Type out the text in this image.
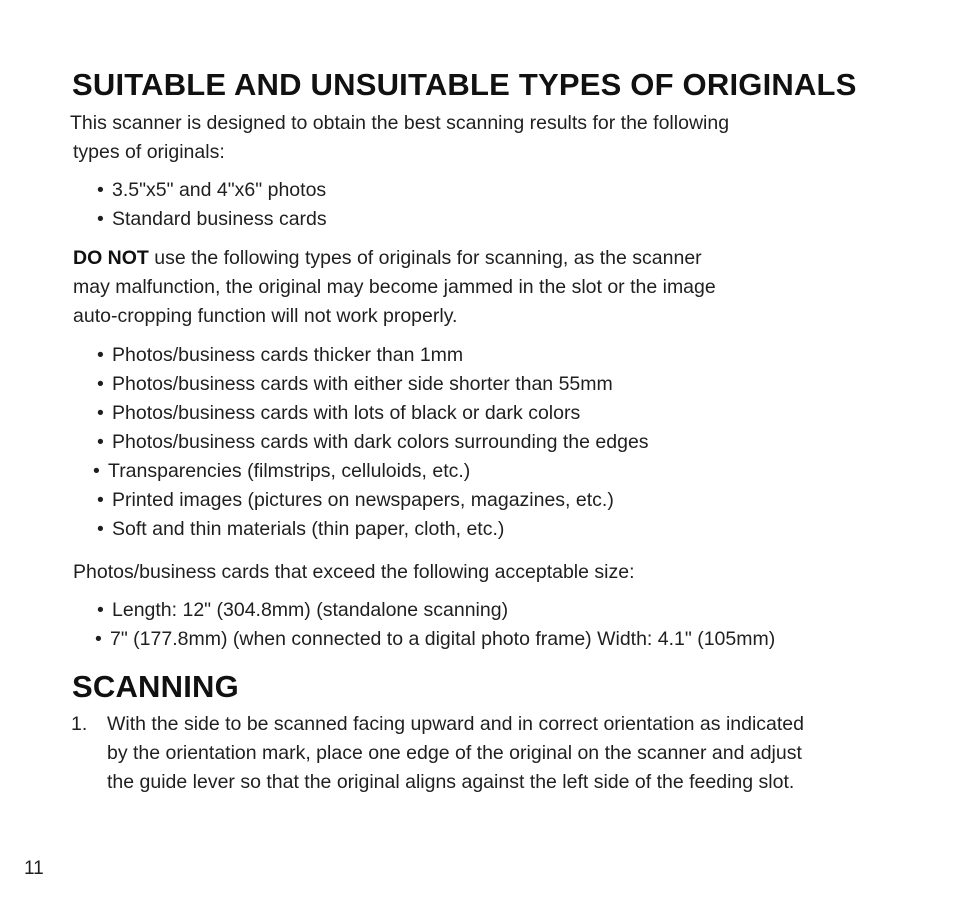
SUITABLE AND UNSUITABLE TYPES OF ORIGINALS

This scanner is designed to obtain the best scanning results for the following
types of originals:

• 3.5"x5" and 4"x6" photos
• Standard business cards

DO NOT use the following types of originals for scanning, as the scanner
may malfunction, the original may become jammed in the slot or the image
auto-cropping function will not work properly.

• Photos/business cards thicker than 1mm
• Photos/business cards with either side shorter than 55mm
• Photos/business cards with lots of black or dark colors
• Photos/business cards with dark colors surrounding the edges
• Transparencies (filmstrips, celluloids, etc.)
• Printed images (pictures on newspapers, magazines, etc.)
• Soft and thin materials (thin paper, cloth, etc.)

Photos/business cards that exceed the following acceptable size:

• Length: 12" (304.8mm) (standalone scanning)
• 7" (177.8mm) (when connected to a digital photo frame) Width: 4.1" (105mm)
SCANNING
1. With the side to be scanned facing upward and in correct orientation as indicated
by the orientation mark, place one edge of the original on the scanner and adjust
the guide lever so that the original aligns against the left side of the feeding slot.
11
